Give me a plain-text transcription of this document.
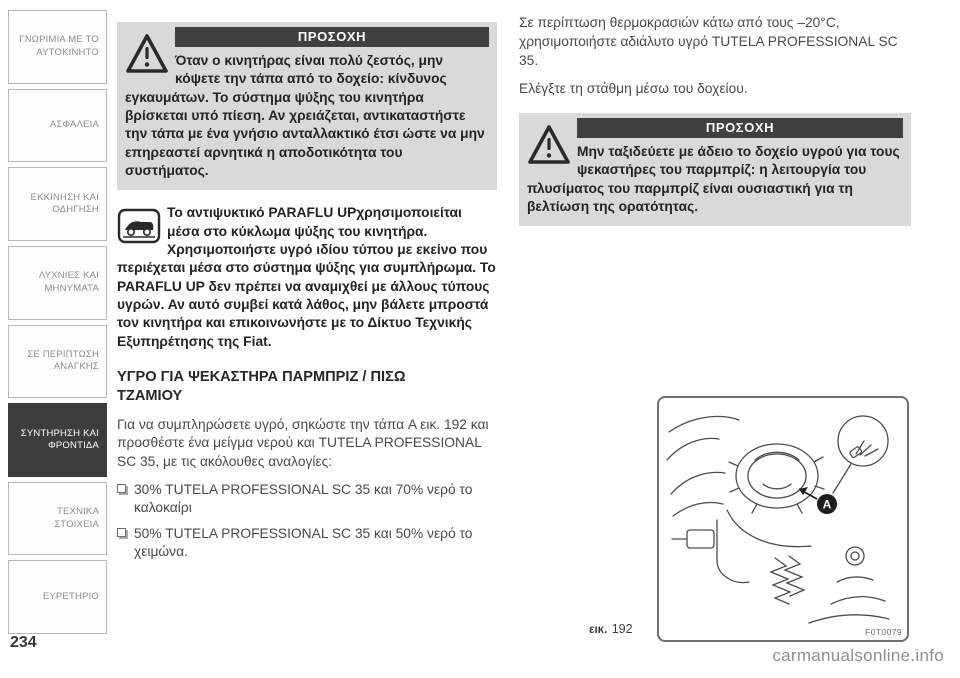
ΓΝΩΡΙΜΙΑ ΜΕ ΤΟ ΑΥΤΟΚΙΝΗΤΟ
ΑΣΦΑΛΕΙΑ
ΕΚΚΙΝΗΣΗ ΚΑΙ ΟΔΗΓΗΣΗ
ΛΥΧΝΙΕΣ ΚΑΙ ΜΗΝΥΜΑΤΑ
ΣΕ ΠΕΡΙΠΤΩΣΗ ΑΝΑΓΚΗΣ
ΣΥΝΤΗΡΗΣΗ ΚΑΙ ΦΡΟΝΤΙΔΑ
ΤΕΧΝΙΚΑ ΣΤΟΙΧΕΙΑ
ΕΥΡΕΤΗΡΙΟ
234
ΠΡΟΣΟΧΗ

Όταν ο κινητήρας είναι πολύ ζεστός, μην κόψετε την τάπα από το δοχείο: κίνδυνος εγκαυμάτων. Το σύστημα ψύξης του κινητήρα βρίσκεται υπό πίεση. Αν χρειάζεται, αντικαταστήστε την τάπα με ένα γνήσιο ανταλλακτικό έτσι ώστε να μην επηρεαστεί αρνητικά η αποδοτικότητα του συστήματος.

Το αντιψυκτικό PARAFLU UPχρησιμοποιείται μέσα στο κύκλωμα ψύξης του κινητήρα. Χρησιμοποιήστε υγρό ιδίου τύπου με εκείνο που περιέχεται μέσα στο σύστημα ψύξης για συμπλήρωμα. Το PARAFLU UP δεν πρέπει να αναμιχθεί με άλλους τύπους υγρών. Αν αυτό συμβεί κατά λάθος, μην βάλετε μπροστά τον κινητήρα και επικοινωνήστε με το Δίκτυο Τεχνικής Εξυπηρέτησης της Fiat.

ΥΓΡΟ ΓΙΑ ΨΕΚΑΣΤΗΡΑ ΠΑΡΜΠΡΙΖ / ΠΙΣΩ ΤΖΑΜΙΟΥ

Για να συμπληρώσετε υγρό, σηκώστε την τάπα A εικ. 192 και προσθέστε ένα μείγμα νερού και TUTELA PROFESSIONAL SC 35, με τις ακόλουθες αναλογίες:

30% TUTELA PROFESSIONAL SC 35 και 70% νερό το καλοκαίρι
50% TUTELA PROFESSIONAL SC 35 και 50% νερό το χειμώνα.

Σε περίπτωση θερμοκρασιών κάτω από τους –20°C, χρησιμοποιήστε αδιάλυτο υγρό TUTELA PROFESSIONAL SC 35.

Ελέγξτε τη στάθμη μέσω του δοχείου.

ΠΡΟΣΟΧΗ

Μην ταξιδεύετε με άδειο το δοχείο υγρού για τους ψεκαστήρες του παρμπρίζ: η λειτουργία του πλυσίματος του παρμπρίζ είναι ουσιαστική για τη βελτίωση της ορατότητας.

A
F0T0079
εικ. 192
carmanualsonline.info
